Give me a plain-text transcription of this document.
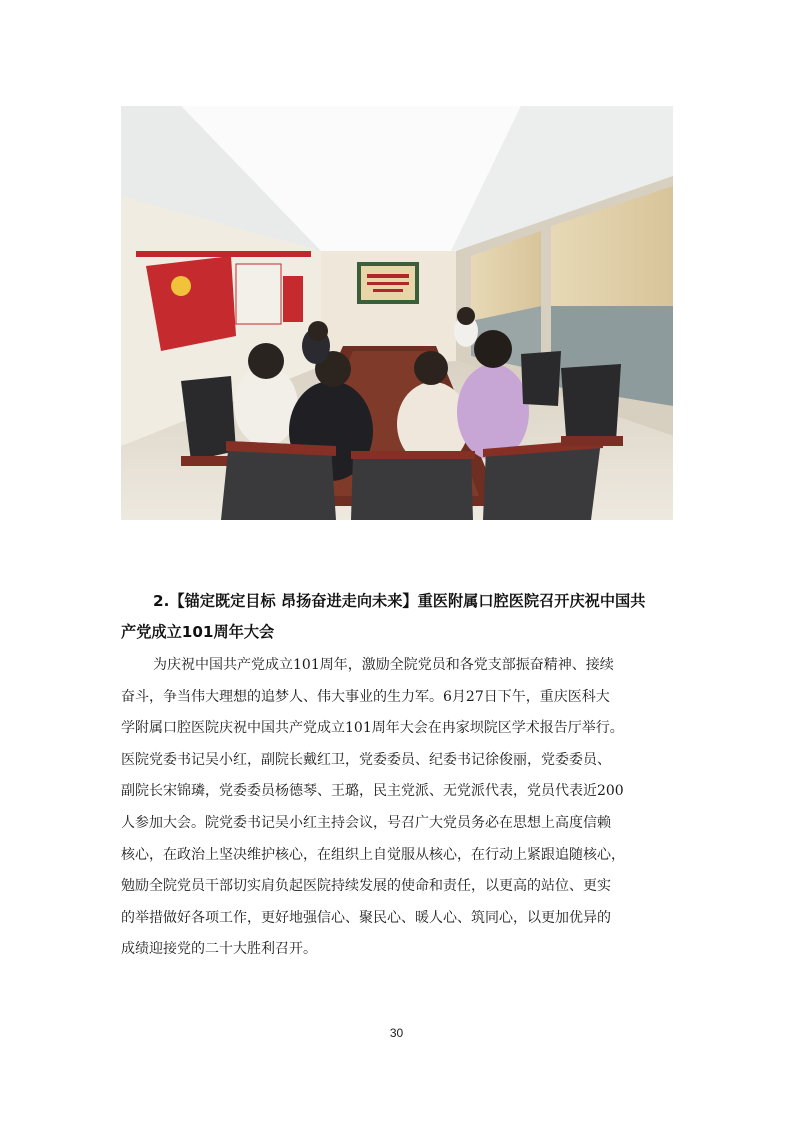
2.【锚定既定目标 昂扬奋进走向未来】重医附属口腔医院召开庆祝中国共
产党成立101周年大会
为庆祝中国共产党成立101周年，激励全院党员和各党支部振奋精神、接续
奋斗，争当伟大理想的追梦人、伟大事业的生力军。6月27日下午，重庆医科大
学附属口腔医院庆祝中国共产党成立101周年大会在冉家坝院区学术报告厅举行。
医院党委书记吴小红，副院长戴红卫，党委委员、纪委书记徐俊丽，党委委员、
副院长宋锦璘，党委委员杨德琴、王璐，民主党派、无党派代表，党员代表近200
人参加大会。院党委书记吴小红主持会议，号召广大党员务必在思想上高度信赖
核心，在政治上坚决维护核心，在组织上自觉服从核心，在行动上紧跟追随核心，
勉励全院党员干部切实肩负起医院持续发展的使命和责任，以更高的站位、更实
的举措做好各项工作，更好地强信心、聚民心、暖人心、筑同心，以更加优异的
成绩迎接党的二十大胜利召开。
30
